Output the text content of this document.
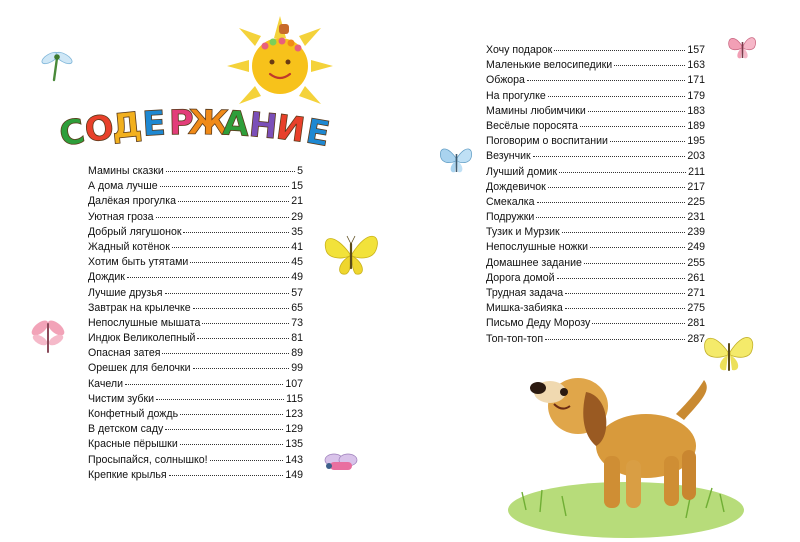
С
О
Д
Е Р
Ж
А
Н
И
Е
Мамины сказки	5
А дома лучше	15
Далёкая прогулка	21
Уютная гроза	29
Добрый лягушонок	35
Жадный котёнок	41
Хотим быть утятами	45
Дождик	49
Лучшие друзья	57
Завтрак на крылечке	65
Непослушные мышата	73
Индюк Великолепный	81
Опасная затея	89
Орешек для белочки	99
Качели	107
Чистим зубки	115
Конфетный дождь	123
В детском саду	129
Красные пёрышки	135
Просыпайся, солнышко!	143
Крепкие крылья	149
Хочу подарок	157
Маленькие велосипедики	163
Обжора	171
На прогулке	179
Мамины любимчики	183
Весёлые поросята	189
Поговорим о воспитании	195
Везунчик	203
Лучший домик	211
Дождевичок	217
Смекалка	225
Подружки	231
Тузик и Мурзик	239
Непослушные ножки	249
Домашнее задание	255
Дорога домой	261
Трудная задача	271
Мишка-забияка	275
Письмо Деду Морозу	281
Топ-топ-топ	287
